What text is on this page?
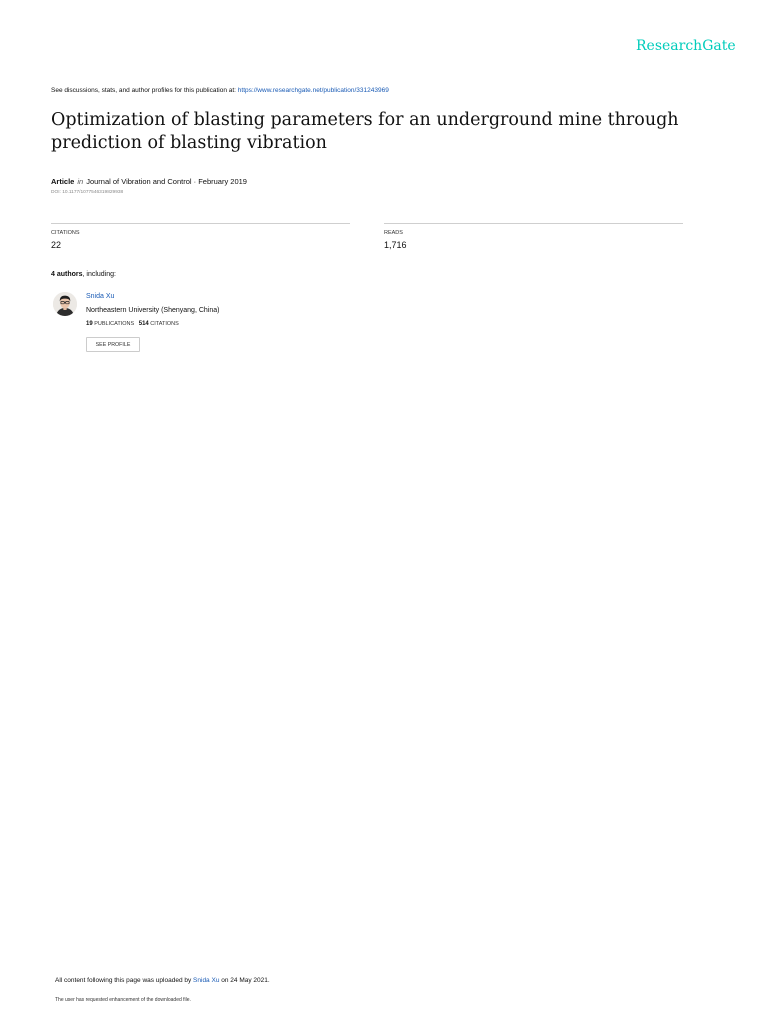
ResearchGate
See discussions, stats, and author profiles for this publication at: https://www.researchgate.net/publication/331243969
Optimization of blasting parameters for an underground mine through
prediction of blasting vibration
Article in Journal of Vibration and Control · February 2019
DOI: 10.1177/1077546319829938
CITATIONS
22
READS
1,716
4 authors, including:
Snida Xu
Northeastern University (Shenyang, China)
19 PUBLICATIONS 514 CITATIONS
SEE PROFILE
All content following this page was uploaded by Snida Xu on 24 May 2021.
The user has requested enhancement of the downloaded file.
